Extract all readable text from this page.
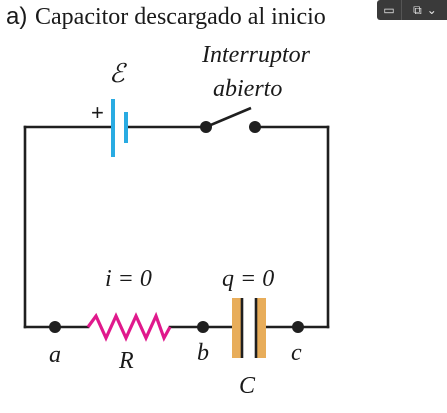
a) Capacitor descargado al inicio
+
ℰ
Interruptor
abierto
i = 0	q = 0
a R	b
C
c
▭ ⧉ ⌄
